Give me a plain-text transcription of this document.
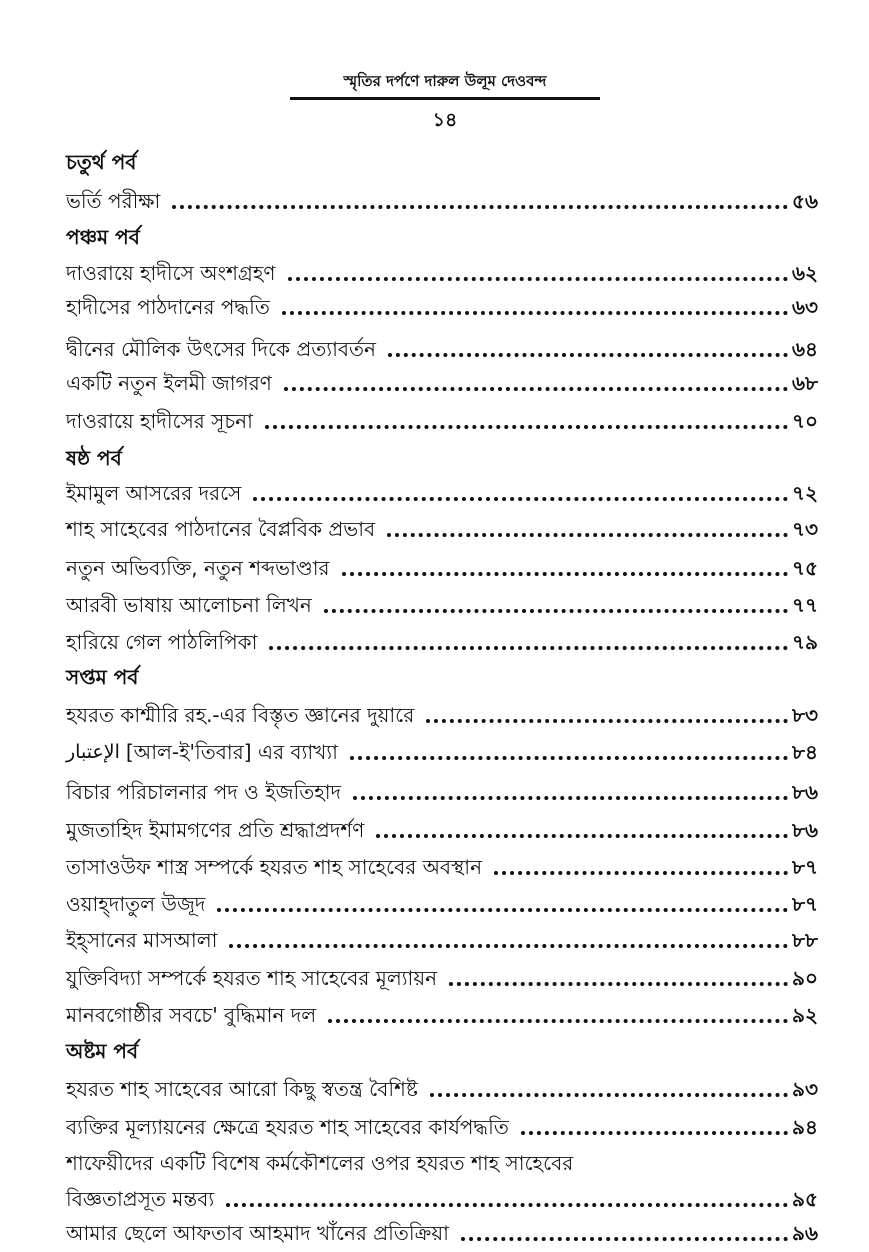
স্মৃতির দর্পণে দারুল উলূম দেওবন্দ
১৪
চতুর্থ পর্ব
ভর্তি পরীক্ষা	৫৬
পঞ্চম পর্ব
দাওরায়ে হাদীসে অংশগ্রহণ	৬২
হাদীসের পাঠদানের পদ্ধতি	৬৩
দ্বীনের মৌলিক উৎসের দিকে প্রত্যাবর্তন	৬৪
একটি নতুন ইলমী জাগরণ	৬৮
দাওরায়ে হাদীসের সূচনা	৭০
ষষ্ঠ পর্ব
ইমামুল আসরের দরসে	৭২
শাহ সাহেবের পাঠদানের বৈপ্লবিক প্রভাব	৭৩
নতুন অভিব্যক্তি, নতুন শব্দভাণ্ডার	৭৫
আরবী ভাষায় আলোচনা লিখন	৭৭
হারিয়ে গেল পাঠলিপিকা	৭৯
সপ্তম পর্ব
হযরত কাশ্মীরি রহ.-এর বিস্তৃত জ্ঞানের দুয়ারে	৮৩
الإعتبار [আল-ই'তিবার] এর ব্যাখ্যা	৮৪
বিচার পরিচালনার পদ ও ইজতিহাদ	৮৬
মুজতাহিদ ইমামগণের প্রতি শ্রদ্ধাপ্রদর্শণ	৮৬
তাসাওউফ শাস্ত্র সম্পর্কে হযরত শাহ সাহেবের অবস্থান	৮৭
ওয়াহ্‌দাতুল উজূদ	৮৭
ইহ্‌সানের মাসআলা	৮৮
যুক্তিবিদ্যা সম্পর্কে হযরত শাহ সাহেবের মূল্যায়ন	৯০
মানবগোষ্ঠীর সবচে' বুদ্ধিমান দল	৯২
অষ্টম পর্ব
হযরত শাহ সাহেবের আরো কিছু স্বতন্ত্র বৈশিষ্ট	৯৩
ব্যক্তির মূল্যায়নের ক্ষেত্রে হযরত শাহ সাহেবের কার্যপদ্ধতি	৯৪
শাফেয়ীদের একটি বিশেষ কর্মকৌশলের ওপর হযরত শাহ সাহেবের
বিজ্ঞতাপ্রসূত মন্তব্য	৯৫
আমার ছেলে আফতাব আহমাদ খাঁনের প্রতিক্রিয়া	৯৬
